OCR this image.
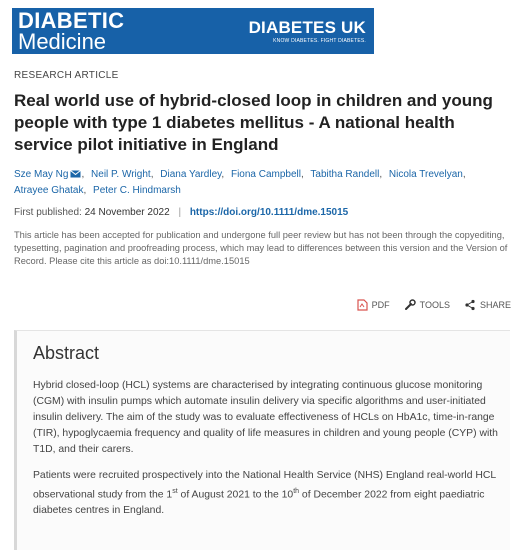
DIABETIC
Medicine
DIABETES UK
KNOW DIABETES. FIGHT DIABETES.
RESEARCH ARTICLE
Real world use of hybrid-closed loop in children and young people with type 1 diabetes mellitus - A national health service pilot initiative in England
Sze May Ng , Neil P. Wright, Diana Yardley, Fiona Campbell, Tabitha Randell, Nicola Trevelyan, Atrayee Ghatak, Peter C. Hindmarsh
First published: 24 November 2022 | https://doi.org/10.1111/dme.15015
This article has been accepted for publication and undergone full peer review but has not been through the copyediting, typesetting, pagination and proofreading process, which may lead to differences between this version and the Version of Record. Please cite this article as doi:10.1111/dme.15015
PDF	TOOLS	SHARE
Abstract

Hybrid closed-loop (HCL) systems are characterised by integrating continuous glucose monitoring (CGM) with insulin pumps which automate insulin delivery via specific algorithms and user-initiated insulin delivery. The aim of the study was to evaluate effectiveness of HCLs on HbA1c, time-in-range (TIR), hypoglycaemia frequency and quality of life measures in children and young people (CYP) with T1D, and their carers.

Patients were recruited prospectively into the National Health Service (NHS) England real-world HCL observational study from the 1st of August 2021 to the 10th of December 2022 from eight paediatric diabetes centres in England.
